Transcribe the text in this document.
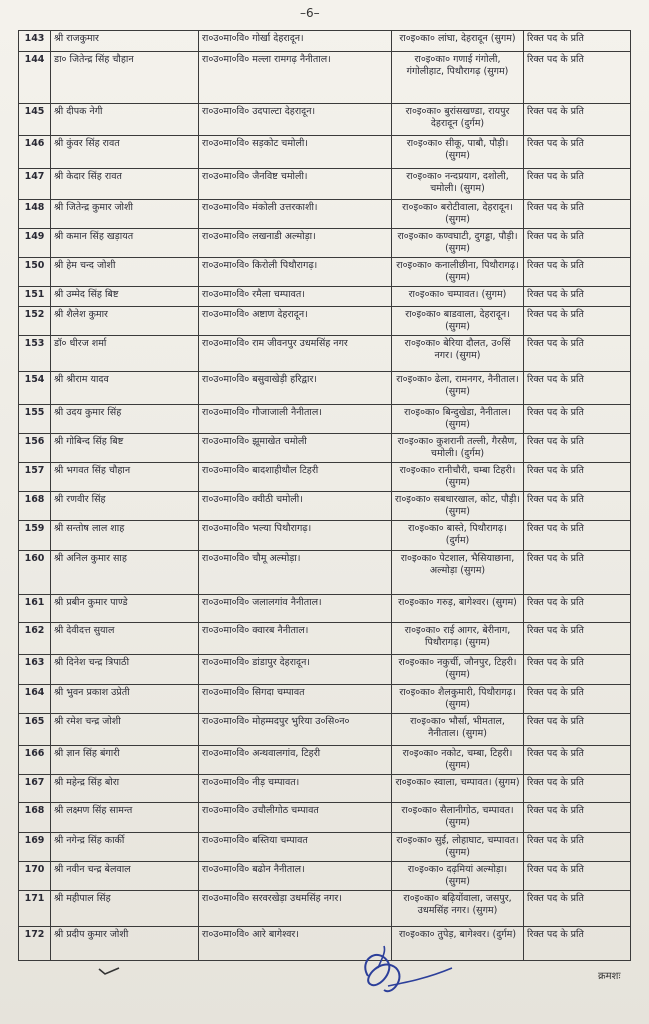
–6–
143	श्री राजकुमार	रा०उ०मा०वि० गोर्खा देहरादून।	रा०इ०का० लांघा, देहरादून (सुगम)	रिक्त पद के प्रति
144	डा० जितेन्द्र सिंह चौहान	रा०उ०मा०वि० मल्ला रामगढ़ नैनीताल।	रा०इ०का० गणाई गंगोली, गंगोलीहाट, पिथौरागढ़ (सुगम)	रिक्त पद के प्रति
145	श्री दीपक नेगी	रा०उ०मा०वि० उदपाल्टा देहरादून।	रा०इ०का० बुरांसखण्डा, रायपुर देहरादून (दुर्गम)	रिक्त पद के प्रति
146	श्री कुंवर सिंह रावत	रा०उ०मा०वि० सड़कोट चमोली।	रा०इ०का० सीकू, पाबौ, पौड़ी। (सुगम)	रिक्त पद के प्रति
147	श्री केदार सिंह रावत	रा०उ०मा०वि० जैनविष्ट चमोली।	रा०इ०का० नन्दप्रयाग, दशोली, चमोली। (सुगम)	रिक्त पद के प्रति
148	श्री जितेन्द्र कुमार जोशी	रा०उ०मा०वि० मंकोली उत्तरकाशी।	रा०इ०का० बरोटीवाला, देहरादून। (सुगम)	रिक्त पद के प्रति
149	श्री कमान सिंह खड़ायत	रा०उ०मा०वि० लखनाडी अल्मोड़ा।	रा०इ०का० कण्वघाटी, दुगड्डा, पौड़ी। (सुगम)	रिक्त पद के प्रति
150	श्री हेम चन्द जोशी	रा०उ०मा०वि० किरोली पिथौरागढ़।	रा०इ०का० कनालीछीना, पिथौरागढ़। (सुगम)	रिक्त पद के प्रति
151	श्री उम्मेद सिंह बिष्ट	रा०उ०मा०वि० रमैला चम्पावत।	रा०इ०का० चम्पावत। (सुगम)	रिक्त पद के प्रति
152	श्री शैलेश कुमार	रा०उ०मा०वि० अष्टाण देहरादून।	रा०इ०का० बाडवाला, देहरादून। (सुगम)	रिक्त पद के प्रति
153	डॉ० धीरज शर्मा	रा०उ०मा०वि० राम जीवनपुर उधमसिंह नगर	रा०इ०का० बेरिया दौलत, उ०सिं नगर। (सुगम)	रिक्त पद के प्रति
154	श्री श्रीराम यादव	रा०उ०मा०वि० बसुवाखेड़ी हरिद्वार।	रा०इ०का० ढेला, रामनगर, नैनीताल। (सुगम)	रिक्त पद के प्रति
155	श्री उदय कुमार सिंह	रा०उ०मा०वि० गौजाजाली नैनीताल।	रा०इ०का० बिन्दुखेडा, नैनीताल। (सुगम)	रिक्त पद के प्रति
156	श्री गोबिन्द सिंह बिष्ट	रा०उ०मा०वि० झूमाखेत चमोली	रा०इ०का० कुशरानी तल्ली, गैरसैण, चमोली। (दुर्गम)	रिक्त पद के प्रति
157	श्री भगवत सिंह चौहान	रा०उ०मा०वि० बादशाहीथौल टिहरी	रा०इ०का० रानीचौरी, चम्बा टिहरी। (सुगम)	रिक्त पद के प्रति
168	श्री रणवीर सिंह	रा०उ०मा०वि० क्वीठी चमोली।	रा०इ०का० सबधारखाल, कोट, पौड़ी। (सुगम)	रिक्त पद के प्रति
159	श्री सन्तोष लाल शाह	रा०उ०मा०वि० भल्या पिथौरागढ़।	रा०इ०का० बास्ते, पिथौरागढ़। (दुर्गम)	रिक्त पद के प्रति
160	श्री अनिल कुमार साह	रा०उ०मा०वि० चौमू अल्मोड़ा।	रा०इ०का० पेटशाल, भैसियाछाना, अल्मोड़ा (सुगम)	रिक्त पद के प्रति
161	श्री प्रबीन कुमार पाण्डे	रा०उ०मा०वि० जलालगांव नैनीताल।	रा०इ०का० गरुड़, बागेश्वर। (सुगम)	रिक्त पद के प्रति
162	श्री देवीदत्त सुयाल	रा०उ०मा०वि० क्वारब नैनीताल।	रा०इ०का० राई आगर, बेरीनाग, पिथौरागढ़। (सुगम)	रिक्त पद के प्रति
163	श्री दिनेश चन्द्र त्रिपाठी	रा०उ०मा०वि० डांडापुर देहरादून।	रा०इ०का० नकुर्ची, जौनपुर, टिहरी। (सुगम)	रिक्त पद के प्रति
164	श्री भुवन प्रकाश उप्रेती	रा०उ०मा०वि० सिगदा चम्पावत	रा०इ०का० शैलकुमारी, पिथौरागढ़। (सुगम)	रिक्त पद के प्रति
165	श्री रमेश चन्द्र जोशी	रा०उ०मा०वि० मोहम्मदपुर भुरिया उ०सि०न०	रा०इ०का० भौर्सा, भीमताल, नैनीताल। (सुगम)	रिक्त पद के प्रति
166	श्री ज्ञान सिंह बंगारी	रा०उ०मा०वि० अन्थवालगांव, टिहरी	रा०इ०का० नकोट, चम्बा, टिहरी। (सुगम)	रिक्त पद के प्रति
167	श्री महेन्द्र सिंह बोरा	रा०उ०मा०वि० नीड़ चम्पावत।	रा०इ०का० स्वाला, चम्पावत। (सुगम)	रिक्त पद के प्रति
168	श्री लक्ष्मण सिंह सामन्त	रा०उ०मा०वि० उचौलीगोठ चम्पावत	रा०इ०का० सैलानीगोठ, चम्पावत। (सुगम)	रिक्त पद के प्रति
169	श्री नगेन्द्र सिंह कार्की	रा०उ०मा०वि० बस्तिया चम्पावत	रा०इ०का० सुई, लोहाघाट, चम्पावत। (सुगम)	रिक्त पद के प्रति
170	श्री नवीन चन्द्र बेलवाल	रा०उ०मा०वि० बढोन नैनीताल।	रा०इ०का० दढ़मियां अल्मोड़ा। (सुगम)	रिक्त पद के प्रति
171	श्री महीपाल सिंह	रा०उ०मा०वि० सरवरखेड़ा उधमसिंह नगर।	रा०इ०का० बढ़ियोंवाला, जसपुर, उधमसिंह नगर। (सुगम)	रिक्त पद के प्रति
172	श्री प्रदीप कुमार जोशी	रा०उ०मा०वि० आरे बागेश्वर।	रा०इ०का० तुपेड़, बागेश्वर। (दुर्गम)	रिक्त पद के प्रति
क्रमशः
